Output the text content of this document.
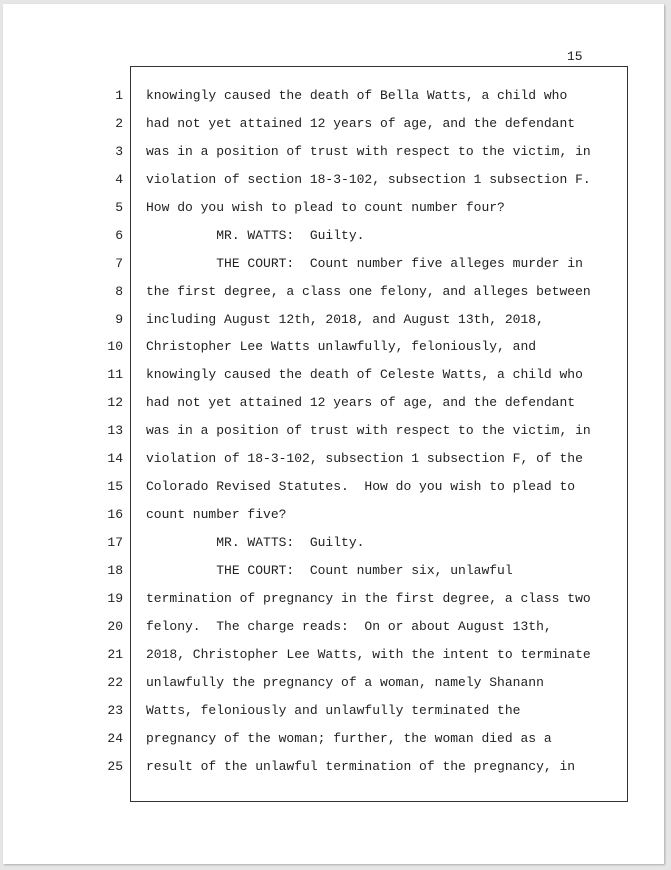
15
1
2
3
4
5
6
7
8
9
10
11
12
13
14
15
16
17
18
19
20
21
22
23
24
25
knowingly caused the death of Bella Watts, a child who
had not yet attained 12 years of age, and the defendant
was in a position of trust with respect to the victim, in
violation of section 18-3-102, subsection 1 subsection F.
How do you wish to plead to count number four?
MR. WATTS:  Guilty.
THE COURT:  Count number five alleges murder in
the first degree, a class one felony, and alleges between
including August 12th, 2018, and August 13th, 2018,
Christopher Lee Watts unlawfully, feloniously, and
knowingly caused the death of Celeste Watts, a child who
had not yet attained 12 years of age, and the defendant
was in a position of trust with respect to the victim, in
violation of 18-3-102, subsection 1 subsection F, of the
Colorado Revised Statutes.  How do you wish to plead to
count number five?
MR. WATTS:  Guilty.
THE COURT:  Count number six, unlawful
termination of pregnancy in the first degree, a class two
felony.  The charge reads:  On or about August 13th,
2018, Christopher Lee Watts, with the intent to terminate
unlawfully the pregnancy of a woman, namely Shanann
Watts, feloniously and unlawfully terminated the
pregnancy of the woman; further, the woman died as a
result of the unlawful termination of the pregnancy, in
